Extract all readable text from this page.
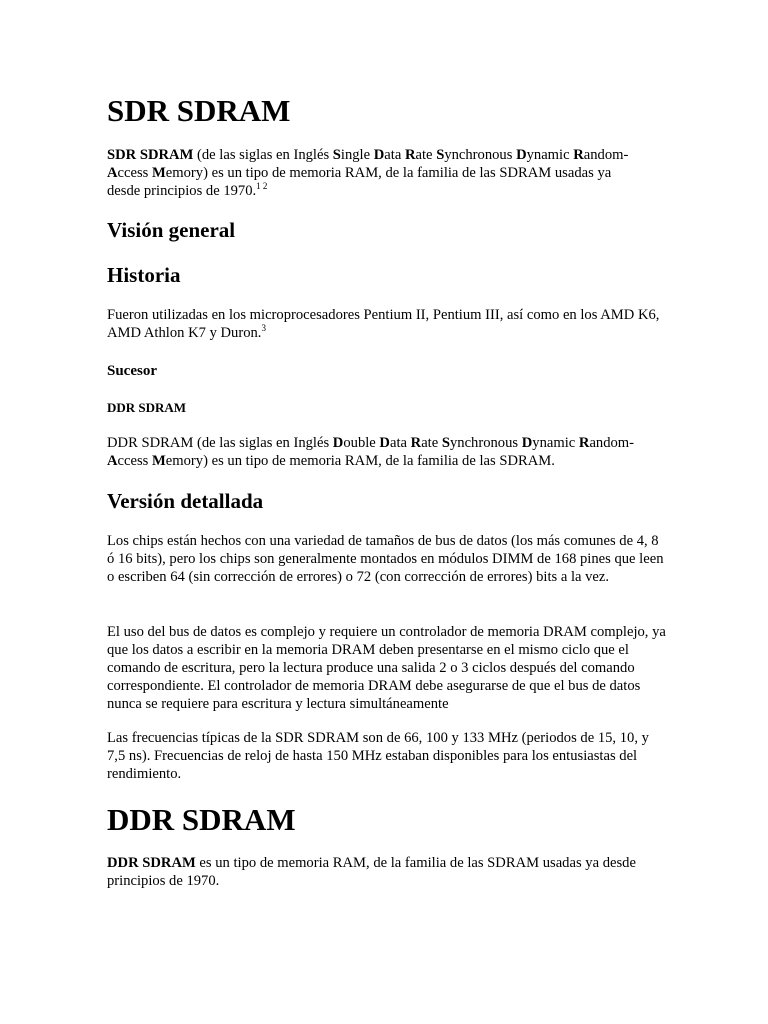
SDR SDRAM
SDR SDRAM (de las siglas en Inglés Single Data Rate Synchronous Dynamic Random-
Access Memory) es un tipo de memoria RAM, de la familia de las SDRAM usadas ya
desde principios de 1970.$^{1 2}$
Visión general
Historia
Fueron utilizadas en los microprocesadores Pentium II, Pentium III, así como en los AMD K6, AMD Athlon K7 y Duron.$^3$
Sucesor
DDR SDRAM
DDR SDRAM (de las siglas en Inglés Double Data Rate Synchronous Dynamic Random-
Access Memory) es un tipo de memoria RAM, de la familia de las SDRAM.
Versión detallada

Los chips están hechos con una variedad de tamaños de bus de datos (los más comunes de 4, 8 ó 16 bits), pero los chips son generalmente montados en módulos DIMM de 168 pines que leen o escriben 64 (sin corrección de errores) o 72 (con corrección de errores) bits a la vez.

El uso del bus de datos es complejo y requiere un controlador de memoria DRAM complejo, ya que los datos a escribir en la memoria DRAM deben presentarse en el mismo ciclo que el comando de escritura, pero la lectura produce una salida 2 o 3 ciclos después del comando correspondiente. El controlador de memoria DRAM debe asegurarse de que el bus de datos nunca se requiere para escritura y lectura simultáneamente

Las frecuencias típicas de la SDR SDRAM son de 66, 100 y 133 MHz (periodos de 15, 10, y 7,5 ns). Frecuencias de reloj de hasta 150 MHz estaban disponibles para los entusiastas del rendimiento.

DDR SDRAM
DDR SDRAM es un tipo de memoria RAM, de la familia de las SDRAM usadas ya desde principios de 1970.
